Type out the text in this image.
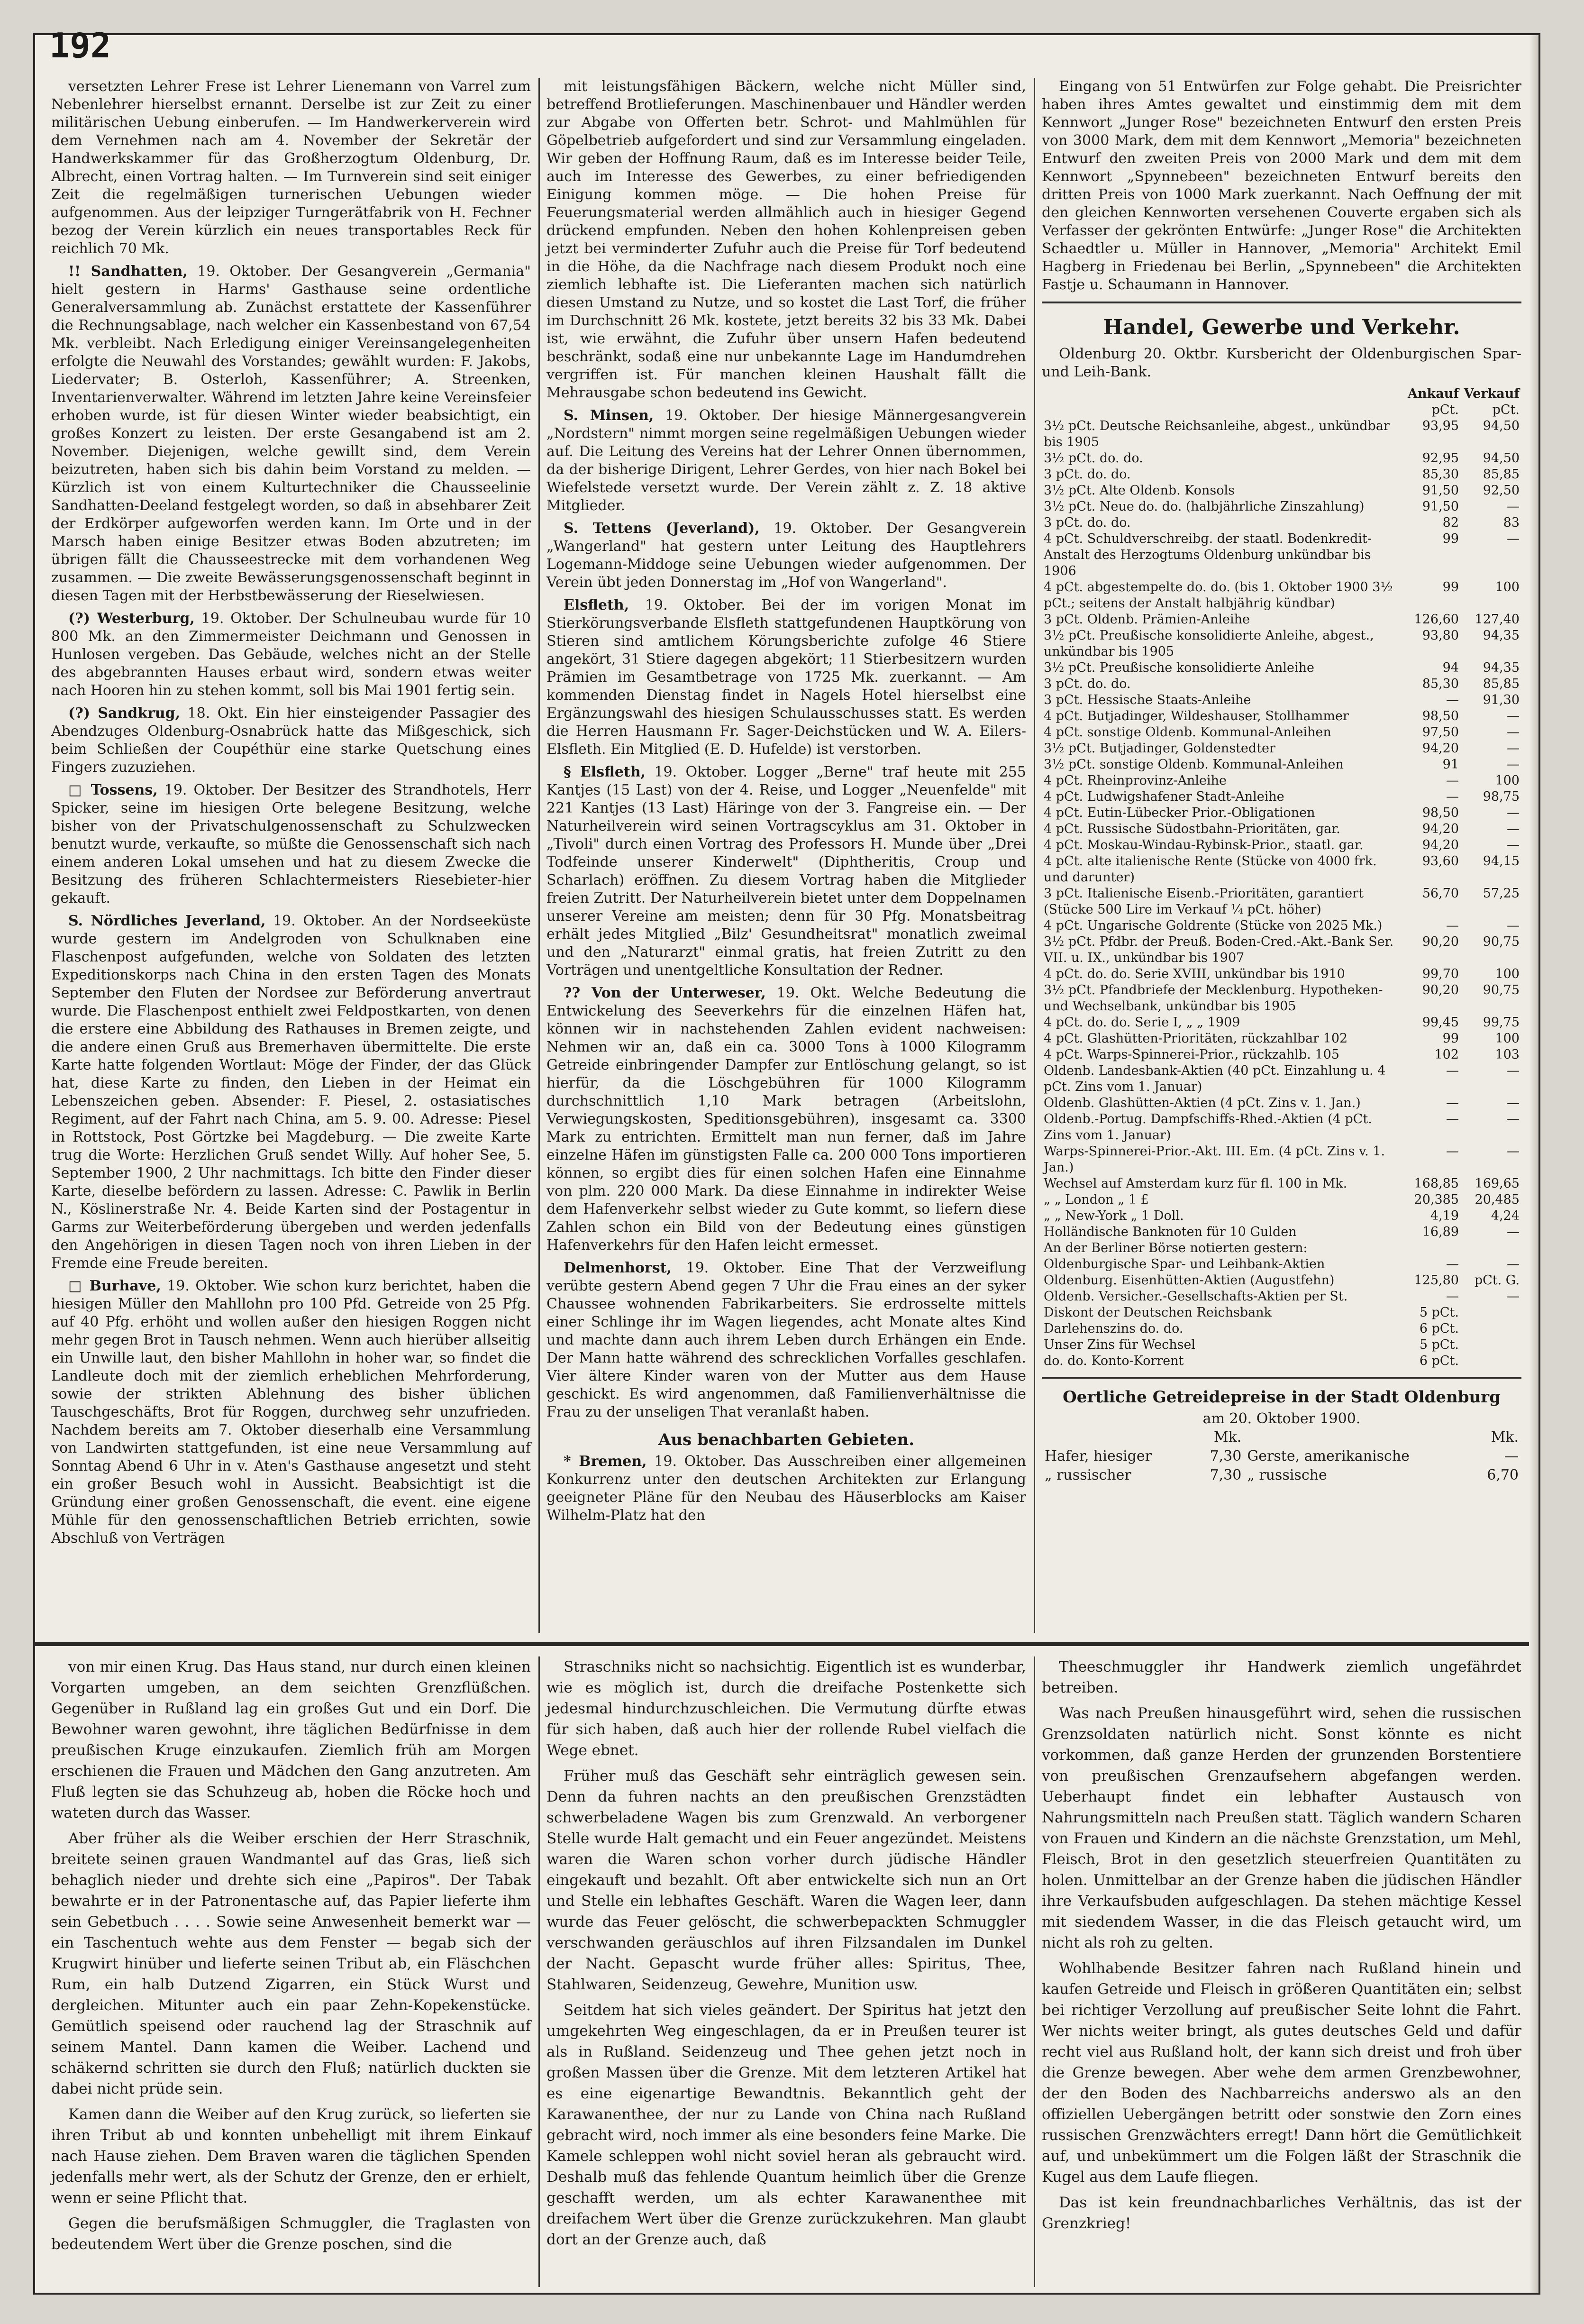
192

versetzten Lehrer Frese ist Lehrer Lienemann von Varrel zum Nebenlehrer hierselbst ernannt. Derselbe ist zur Zeit zu einer militärischen Uebung einberufen. — Im Handwerkerverein wird dem Vernehmen nach am 4. November der Sekretär der Handwerkskammer für das Großherzogtum Oldenburg, Dr. Albrecht, einen Vortrag halten. — Im Turnverein sind seit einiger Zeit die regelmäßigen turnerischen Uebungen wieder aufgenommen. Aus der leipziger Turngerätfabrik von H. Fechner bezog der Verein kürzlich ein neues transportables Reck für reichlich 70 Mk.

!! Sandhatten, 19. Oktober. Der Gesangverein „Germania" hielt gestern in Harms' Gasthause seine ordentliche Generalversammlung ab. Zunächst erstattete der Kassenführer die Rechnungsablage, nach welcher ein Kassenbestand von 67,54 Mk. verbleibt. Nach Erledigung einiger Vereinsangelegenheiten erfolgte die Neuwahl des Vorstandes; gewählt wurden: F. Jakobs, Liedervater; B. Osterloh, Kassenführer; A. Streenken, Inventarienverwalter. Während im letzten Jahre keine Vereinsfeier erhoben wurde, ist für diesen Winter wieder beabsichtigt, ein großes Konzert zu leisten. Der erste Gesangabend ist am 2. November. Diejenigen, welche gewillt sind, dem Verein beizutreten, haben sich bis dahin beim Vorstand zu melden. — Kürzlich ist von einem Kulturtechniker die Chausseelinie Sandhatten-Deeland festgelegt worden, so daß in absehbarer Zeit der Erdkörper aufgeworfen werden kann. Im Orte und in der Marsch haben einige Besitzer etwas Boden abzutreten; im übrigen fällt die Chausseestrecke mit dem vorhandenen Weg zusammen. — Die zweite Bewässerungsgenossenschaft beginnt in diesen Tagen mit der Herbstbewässerung der Rieselwiesen.

(?) Westerburg, 19. Oktober. Der Schulneubau wurde für 10 800 Mk. an den Zimmermeister Deichmann und Genossen in Hunlosen vergeben. Das Gebäude, welches nicht an der Stelle des abgebrannten Hauses erbaut wird, sondern etwas weiter nach Hooren hin zu stehen kommt, soll bis Mai 1901 fertig sein.

(?) Sandkrug, 18. Okt. Ein hier einsteigender Passagier des Abendzuges Oldenburg-Osnabrück hatte das Mißgeschick, sich beim Schließen der Coupéthür eine starke Quetschung eines Fingers zuzuziehen.

□ Tossens, 19. Oktober. Der Besitzer des Strandhotels, Herr Spicker, seine im hiesigen Orte belegene Besitzung, welche bisher von der Privatschulgenossenschaft zu Schulzwecken benutzt wurde, verkaufte, so müßte die Genossenschaft sich nach einem anderen Lokal umsehen und hat zu diesem Zwecke die Besitzung des früheren Schlachtermeisters Riesebieter-hier gekauft.

S. Nördliches Jeverland, 19. Oktober. An der Nordseeküste wurde gestern im Andelgroden von Schulknaben eine Flaschenpost aufgefunden, welche von Soldaten des letzten Expeditionskorps nach China in den ersten Tagen des Monats September den Fluten der Nordsee zur Beförderung anvertraut wurde. Die Flaschenpost enthielt zwei Feldpostkarten, von denen die erstere eine Abbildung des Rathauses in Bremen zeigte, und die andere einen Gruß aus Bremerhaven übermittelte. Die erste Karte hatte folgenden Wortlaut: Möge der Finder, der das Glück hat, diese Karte zu finden, den Lieben in der Heimat ein Lebenszeichen geben. Absender: F. Piesel, 2. ostasiatisches Regiment, auf der Fahrt nach China, am 5. 9. 00. Adresse: Piesel in Rottstock, Post Görtzke bei Magdeburg. — Die zweite Karte trug die Worte: Herzlichen Gruß sendet Willy. Auf hoher See, 5. September 1900, 2 Uhr nachmittags. Ich bitte den Finder dieser Karte, dieselbe befördern zu lassen. Adresse: C. Pawlik in Berlin N., Köslinerstraße Nr. 4. Beide Karten sind der Postagentur in Garms zur Weiterbeförderung übergeben und werden jedenfalls den Angehörigen in diesen Tagen noch von ihren Lieben in der Fremde eine Freude bereiten.

□ Burhave, 19. Oktober. Wie schon kurz berichtet, haben die hiesigen Müller den Mahllohn pro 100 Pfd. Getreide von 25 Pfg. auf 40 Pfg. erhöht und wollen außer den hiesigen Roggen nicht mehr gegen Brot in Tausch nehmen. Wenn auch hierüber allseitig ein Unwille laut, den bisher Mahllohn in hoher war, so findet die Landleute doch mit der ziemlich erheblichen Mehrforderung, sowie der strikten Ablehnung des bisher üblichen Tauschgeschäfts, Brot für Roggen, durchweg sehr unzufrieden. Nachdem bereits am 7. Oktober dieserhalb eine Versammlung von Landwirten stattgefunden, ist eine neue Versammlung auf Sonntag Abend 6 Uhr in v. Aten's Gasthause angesetzt und steht ein großer Besuch wohl in Aussicht. Beabsichtigt ist die Gründung einer großen Genossenschaft, die event. eine eigene Mühle für den genossenschaftlichen Betrieb errichten, sowie Abschluß von Verträgen

mit leistungsfähigen Bäckern, welche nicht Müller sind, betreffend Brotlieferungen. Maschinenbauer und Händler werden zur Abgabe von Offerten betr. Schrot- und Mahlmühlen für Göpelbetrieb aufgefordert und sind zur Versammlung eingeladen. Wir geben der Hoffnung Raum, daß es im Interesse beider Teile, auch im Interesse des Gewerbes, zu einer befriedigenden Einigung kommen möge. — Die hohen Preise für Feuerungsmaterial werden allmählich auch in hiesiger Gegend drückend empfunden. Neben den hohen Kohlenpreisen geben jetzt bei verminderter Zufuhr auch die Preise für Torf bedeutend in die Höhe, da die Nachfrage nach diesem Produkt noch eine ziemlich lebhafte ist. Die Lieferanten machen sich natürlich diesen Umstand zu Nutze, und so kostet die Last Torf, die früher im Durchschnitt 26 Mk. kostete, jetzt bereits 32 bis 33 Mk. Dabei ist, wie erwähnt, die Zufuhr über unsern Hafen bedeutend beschränkt, sodaß eine nur unbekannte Lage im Handumdrehen vergriffen ist. Für manchen kleinen Haushalt fällt die Mehrausgabe schon bedeutend ins Gewicht.

S. Minsen, 19. Oktober. Der hiesige Männergesangverein „Nordstern" nimmt morgen seine regelmäßigen Uebungen wieder auf. Die Leitung des Vereins hat der Lehrer Onnen übernommen, da der bisherige Dirigent, Lehrer Gerdes, von hier nach Bokel bei Wiefelstede versetzt wurde. Der Verein zählt z. Z. 18 aktive Mitglieder.

S. Tettens (Jeverland), 19. Oktober. Der Gesangverein „Wangerland" hat gestern unter Leitung des Hauptlehrers Logemann-Middoge seine Uebungen wieder aufgenommen. Der Verein übt jeden Donnerstag im „Hof von Wangerland".

Elsfleth, 19. Oktober. Bei der im vorigen Monat im Stierkörungsverbande Elsfleth stattgefundenen Hauptkörung von Stieren sind amtlichem Körungsberichte zufolge 46 Stiere angekört, 31 Stiere dagegen abgekört; 11 Stierbesitzern wurden Prämien im Gesamtbetrage von 1725 Mk. zuerkannt. — Am kommenden Dienstag findet in Nagels Hotel hierselbst eine Ergänzungswahl des hiesigen Schulausschusses statt. Es werden die Herren Hausmann Fr. Sager-Deichstücken und W. A. Eilers-Elsfleth. Ein Mitglied (E. D. Hufelde) ist verstorben.

§ Elsfleth, 19. Oktober. Logger „Berne" traf heute mit 255 Kantjes (15 Last) von der 4. Reise, und Logger „Neuenfelde" mit 221 Kantjes (13 Last) Häringe von der 3. Fangreise ein. — Der Naturheilverein wird seinen Vortragscyklus am 31. Oktober in „Tivoli" durch einen Vortrag des Professors H. Munde über „Drei Todfeinde unserer Kinderwelt" (Diphtheritis, Croup und Scharlach) eröffnen. Zu diesem Vortrag haben die Mitglieder freien Zutritt. Der Naturheilverein bietet unter dem Doppelnamen unserer Vereine am meisten; denn für 30 Pfg. Monatsbeitrag erhält jedes Mitglied „Bilz' Gesundheitsrat" monatlich zweimal und den „Naturarzt" einmal gratis, hat freien Zutritt zu den Vorträgen und unentgeltliche Konsultation der Redner.

?? Von der Unterweser, 19. Okt. Welche Bedeutung die Entwickelung des Seeverkehrs für die einzelnen Häfen hat, können wir in nachstehenden Zahlen evident nachweisen: Nehmen wir an, daß ein ca. 3000 Tons à 1000 Kilogramm Getreide einbringender Dampfer zur Entlöschung gelangt, so ist hierfür, da die Löschgebühren für 1000 Kilogramm durchschnittlich 1,10 Mark betragen (Arbeitslohn, Verwiegungskosten, Speditionsgebühren), insgesamt ca. 3300 Mark zu entrichten. Ermittelt man nun ferner, daß im Jahre einzelne Häfen im günstigsten Falle ca. 200 000 Tons importieren können, so ergibt dies für einen solchen Hafen eine Einnahme von plm. 220 000 Mark. Da diese Einnahme in indirekter Weise dem Hafenverkehr selbst wieder zu Gute kommt, so liefern diese Zahlen schon ein Bild von der Bedeutung eines günstigen Hafenverkehrs für den Hafen leicht ermesset.

Delmenhorst, 19. Oktober. Eine That der Verzweiflung verübte gestern Abend gegen 7 Uhr die Frau eines an der syker Chaussee wohnenden Fabrikarbeiters. Sie erdrosselte mittels einer Schlinge ihr im Wagen liegendes, acht Monate altes Kind und machte dann auch ihrem Leben durch Erhängen ein Ende. Der Mann hatte während des schrecklichen Vorfalles geschlafen. Vier ältere Kinder waren von der Mutter aus dem Hause geschickt. Es wird angenommen, daß Familienverhältnisse die Frau zu der unseligen That veranlaßt haben.

Aus benachbarten Gebieten.

* Bremen, 19. Oktober. Das Ausschreiben einer allgemeinen Konkurrenz unter den deutschen Architekten zur Erlangung geeigneter Pläne für den Neubau des Häuserblocks am Kaiser Wilhelm-Platz hat den

Eingang von 51 Entwürfen zur Folge gehabt. Die Preisrichter haben ihres Amtes gewaltet und einstimmig dem mit dem Kennwort „Junger Rose" bezeichneten Entwurf den ersten Preis von 3000 Mark, dem mit dem Kennwort „Memoria" bezeichneten Entwurf den zweiten Preis von 2000 Mark und dem mit dem Kennwort „Spynnebeen" bezeichneten Entwurf bereits den dritten Preis von 1000 Mark zuerkannt. Nach Oeffnung der mit den gleichen Kennworten versehenen Couverte ergaben sich als Verfasser der gekrönten Entwürfe: „Junger Rose" die Architekten Schaedtler u. Müller in Hannover, „Memoria" Architekt Emil Hagberg in Friedenau bei Berlin, „Spynnebeen" die Architekten Fastje u. Schaumann in Hannover.

Handel, Gewerbe und Verkehr.
Oldenburg 20. Oktbr. Kursbericht der Oldenburgischen Spar- und Leih-Bank.
	Ankauf	Verkauf
	pCt.	pCt.
3½ pCt. Deutsche Reichsanleihe, abgest., unkündbar bis 1905	93,95	94,50
3½ pCt. do. do.	92,95	94,50
3 pCt. do. do.	85,30	85,85
3½ pCt. Alte Oldenb. Konsols	91,50	92,50
3½ pCt. Neue do. do. (halbjährliche Zinszahlung)	91,50	—
3 pCt. do. do.	82	83
4 pCt. Schuldverschreibg. der staatl. Bodenkredit-Anstalt des Herzogtums Oldenburg unkündbar bis 1906	99	—
4 pCt. abgestempelte do. do. (bis 1. Oktober 1900 3½ pCt.; seitens der Anstalt halbjährig kündbar)	99	100
3 pCt. Oldenb. Prämien-Anleihe	126,60	127,40
3½ pCt. Preußische konsolidierte Anleihe, abgest., unkündbar bis 1905	93,80	94,35
3½ pCt. Preußische konsolidierte Anleihe	94	94,35
3 pCt. do. do.	85,30	85,85
3 pCt. Hessische Staats-Anleihe	—	91,30
4 pCt. Butjadinger, Wildeshauser, Stollhammer	98,50	—
4 pCt. sonstige Oldenb. Kommunal-Anleihen	97,50	—
3½ pCt. Butjadinger, Goldenstedter	94,20	—
3½ pCt. sonstige Oldenb. Kommunal-Anleihen	91	—
4 pCt. Rheinprovinz-Anleihe	—	100
4 pCt. Ludwigshafener Stadt-Anleihe	—	98,75
4 pCt. Eutin-Lübecker Prior.-Obligationen	98,50	—
4 pCt. Russische Südostbahn-Prioritäten, gar.	94,20	—
4 pCt. Moskau-Windau-Rybinsk-Prior., staatl. gar.	94,20	—
4 pCt. alte italienische Rente (Stücke von 4000 frk. und darunter)	93,60	94,15
3 pCt. Italienische Eisenb.-Prioritäten, garantiert (Stücke 500 Lire im Verkauf ¼ pCt. höher)	56,70	57,25
4 pCt. Ungarische Goldrente (Stücke von 2025 Mk.)	—	—
3½ pCt. Pfdbr. der Preuß. Boden-Cred.-Akt.-Bank Ser. VII. u. IX., unkündbar bis 1907	90,20	90,75
4 pCt. do. do. Serie XVIII, unkündbar bis 1910	99,70	100
3½ pCt. Pfandbriefe der Mecklenburg. Hypotheken- und Wechselbank, unkündbar bis 1905	90,20	90,75
4 pCt. do. do. Serie I, „ „ 1909	99,45	99,75
4 pCt. Glashütten-Prioritäten, rückzahlbar 102	99	100
4 pCt. Warps-Spinnerei-Prior., rückzahlb. 105	102	103
Oldenb. Landesbank-Aktien (40 pCt. Einzahlung u. 4 pCt. Zins vom 1. Januar)	—	—
Oldenb. Glashütten-Aktien (4 pCt. Zins v. 1. Jan.)	—	—
Oldenb.-Portug. Dampfschiffs-Rhed.-Aktien (4 pCt. Zins vom 1. Januar)	—	—
Warps-Spinnerei-Prior.-Akt. III. Em. (4 pCt. Zins v. 1. Jan.)	—	—
Wechsel auf Amsterdam kurz für fl. 100 in Mk.	168,85	169,65
„ „ London „ 1 £	20,385	20,485
„ „ New-York „ 1 Doll.	4,19	4,24
Holländische Banknoten für 10 Gulden	16,89	—
An der Berliner Börse notierten gestern:		
Oldenburgische Spar- und Leihbank-Aktien	—	—
Oldenburg. Eisenhütten-Aktien (Augustfehn)	125,80	pCt. G.
Oldenb. Versicher.-Gesellschafts-Aktien per St.	—	—
Diskont der Deutschen Reichsbank	5 pCt.	
Darlehenszins do. do.	6 pCt.	
Unser Zins für Wechsel	5 pCt.	
do. do. Konto-Korrent	6 pCt.	
Oertliche Getreidepreise in der Stadt Oldenburg
am 20. Oktober 1900.
	Mk.		Mk.
Hafer, hiesiger	7,30	Gerste, amerikanische	—
„ russischer	7,30	„ russische	6,70

von mir einen Krug. Das Haus stand, nur durch einen kleinen Vorgarten umgeben, an dem seichten Grenzflüßchen. Gegenüber in Rußland lag ein großes Gut und ein Dorf. Die Bewohner waren gewohnt, ihre täglichen Bedürfnisse in dem preußischen Kruge einzukaufen. Ziemlich früh am Morgen erschienen die Frauen und Mädchen den Gang anzutreten. Am Fluß legten sie das Schuhzeug ab, hoben die Röcke hoch und wateten durch das Wasser.

Aber früher als die Weiber erschien der Herr Straschnik, breitete seinen grauen Wandmantel auf das Gras, ließ sich behaglich nieder und drehte sich eine „Papiros". Der Tabak bewahrte er in der Patronentasche auf, das Papier lieferte ihm sein Gebetbuch . . . . Sowie seine Anwesenheit bemerkt war — ein Taschentuch wehte aus dem Fenster — begab sich der Krugwirt hinüber und lieferte seinen Tribut ab, ein Fläschchen Rum, ein halb Dutzend Zigarren, ein Stück Wurst und dergleichen. Mitunter auch ein paar Zehn-Kopekenstücke. Gemütlich speisend oder rauchend lag der Straschnik auf seinem Mantel. Dann kamen die Weiber. Lachend und schäkernd schritten sie durch den Fluß; natürlich duckten sie dabei nicht prüde sein.

Kamen dann die Weiber auf den Krug zurück, so lieferten sie ihren Tribut ab und konnten unbehelligt mit ihrem Einkauf nach Hause ziehen. Dem Braven waren die täglichen Spenden jedenfalls mehr wert, als der Schutz der Grenze, den er erhielt, wenn er seine Pflicht that.

Gegen die berufsmäßigen Schmuggler, die Traglasten von bedeutendem Wert über die Grenze poschen, sind die

Straschniks nicht so nachsichtig. Eigentlich ist es wunderbar, wie es möglich ist, durch die dreifache Postenkette sich jedesmal hindurchzuschleichen. Die Vermutung dürfte etwas für sich haben, daß auch hier der rollende Rubel vielfach die Wege ebnet.

Früher muß das Geschäft sehr einträglich gewesen sein. Denn da fuhren nachts an den preußischen Grenzstädten schwerbeladene Wagen bis zum Grenzwald. An verborgener Stelle wurde Halt gemacht und ein Feuer angezündet. Meistens waren die Waren schon vorher durch jüdische Händler eingekauft und bezahlt. Oft aber entwickelte sich nun an Ort und Stelle ein lebhaftes Geschäft. Waren die Wagen leer, dann wurde das Feuer gelöscht, die schwerbepackten Schmuggler verschwanden geräuschlos auf ihren Filzsandalen im Dunkel der Nacht. Gepascht wurde früher alles: Spiritus, Thee, Stahlwaren, Seidenzeug, Gewehre, Munition usw.

Seitdem hat sich vieles geändert. Der Spiritus hat jetzt den umgekehrten Weg eingeschlagen, da er in Preußen teurer ist als in Rußland. Seidenzeug und Thee gehen jetzt noch in großen Massen über die Grenze. Mit dem letzteren Artikel hat es eine eigenartige Bewandtnis. Bekanntlich geht der Karawanenthee, der nur zu Lande von China nach Rußland gebracht wird, noch immer als eine besonders feine Marke. Die Kamele schleppen wohl nicht soviel heran als gebraucht wird. Deshalb muß das fehlende Quantum heimlich über die Grenze geschafft werden, um als echter Karawanenthee mit dreifachem Wert über die Grenze zurückzukehren. Man glaubt dort an der Grenze auch, daß

Theeschmuggler ihr Handwerk ziemlich ungefährdet betreiben.

Was nach Preußen hinausgeführt wird, sehen die russischen Grenzsoldaten natürlich nicht. Sonst könnte es nicht vorkommen, daß ganze Herden der grunzenden Borstentiere von preußischen Grenzaufsehern abgefangen werden. Ueberhaupt findet ein lebhafter Austausch von Nahrungsmitteln nach Preußen statt. Täglich wandern Scharen von Frauen und Kindern an die nächste Grenzstation, um Mehl, Fleisch, Brot in den gesetzlich steuerfreien Quantitäten zu holen. Unmittelbar an der Grenze haben die jüdischen Händler ihre Verkaufsbuden aufgeschlagen. Da stehen mächtige Kessel mit siedendem Wasser, in die das Fleisch getaucht wird, um nicht als roh zu gelten.

Wohlhabende Besitzer fahren nach Rußland hinein und kaufen Getreide und Fleisch in größeren Quantitäten ein; selbst bei richtiger Verzollung auf preußischer Seite lohnt die Fahrt. Wer nichts weiter bringt, als gutes deutsches Geld und dafür recht viel aus Rußland holt, der kann sich dreist und froh über die Grenze bewegen. Aber wehe dem armen Grenzbewohner, der den Boden des Nachbarreichs anderswo als an den offiziellen Uebergängen betritt oder sonstwie den Zorn eines russischen Grenzwächters erregt! Dann hört die Gemütlichkeit auf, und unbekümmert um die Folgen läßt der Straschnik die Kugel aus dem Laufe fliegen.

Das ist kein freundnachbarliches Verhältnis, das ist der Grenzkrieg!
